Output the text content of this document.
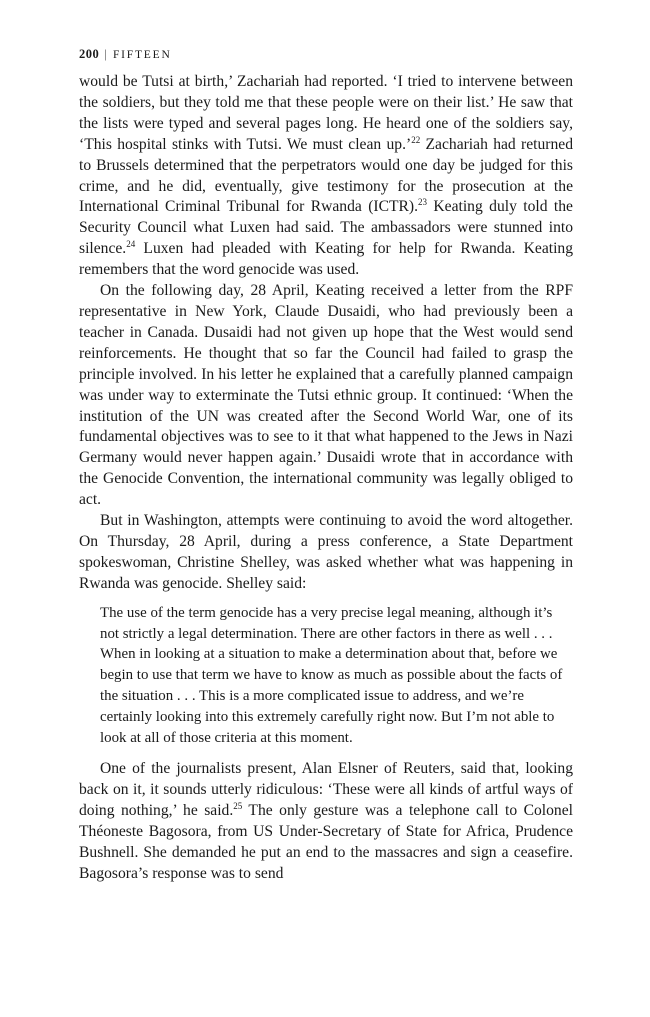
200 | FIFTEEN

would be Tutsi at birth,’ Zachariah had reported. ‘I tried to intervene between the soldiers, but they told me that these people were on their list.’ He saw that the lists were typed and several pages long. He heard one of the soldiers say, ‘This hospital stinks with Tutsi. We must clean up.’$^{22}$ Zachariah had returned to Brussels determined that the perpetrators would one day be judged for this crime, and he did, eventually, give testimony for the prosecution at the International Criminal Tribunal for Rwanda (ICTR).$^{23}$ Keating duly told the Security Council what Luxen had said. The ambassadors were stunned into silence.$^{24}$ Luxen had pleaded with Keating for help for Rwanda. Keating remembers that the word genocide was used.

On the following day, 28 April, Keating received a letter from the RPF representative in New York, Claude Dusaidi, who had previously been a teacher in Canada. Dusaidi had not given up hope that the West would send reinforcements. He thought that so far the Council had failed to grasp the principle involved. In his letter he explained that a carefully planned campaign was under way to exterminate the Tutsi ethnic group. It continued: ‘When the institution of the UN was created after the Second World War, one of its fundamental objectives was to see to it that what happened to the Jews in Nazi Germany would never happen again.’ Dusaidi wrote that in accordance with the Genocide Convention, the international community was legally obliged to act.

But in Washington, attempts were continuing to avoid the word altogether. On Thursday, 28 April, during a press conference, a State Department spokeswoman, Christine Shelley, was asked whether what was happening in Rwanda was genocide. Shelley said:

The use of the term genocide has a very precise legal meaning, although it’s not strictly a legal determination. There are other factors in there as well . . . When in looking at a situation to make a determination about that, before we begin to use that term we have to know as much as possible about the facts of the situation . . . This is a more complicated issue to address, and we’re certainly looking into this extremely carefully right now. But I’m not able to look at all of those criteria at this moment.

One of the journalists present, Alan Elsner of Reuters, said that, looking back on it, it sounds utterly ridiculous: ‘These were all kinds of artful ways of doing nothing,’ he said.$^{25}$ The only gesture was a telephone call to Colonel Théoneste Bagosora, from US Under-Secretary of State for Africa, Prudence Bushnell. She demanded he put an end to the massacres and sign a ceasefire. Bagosora’s response was to send
